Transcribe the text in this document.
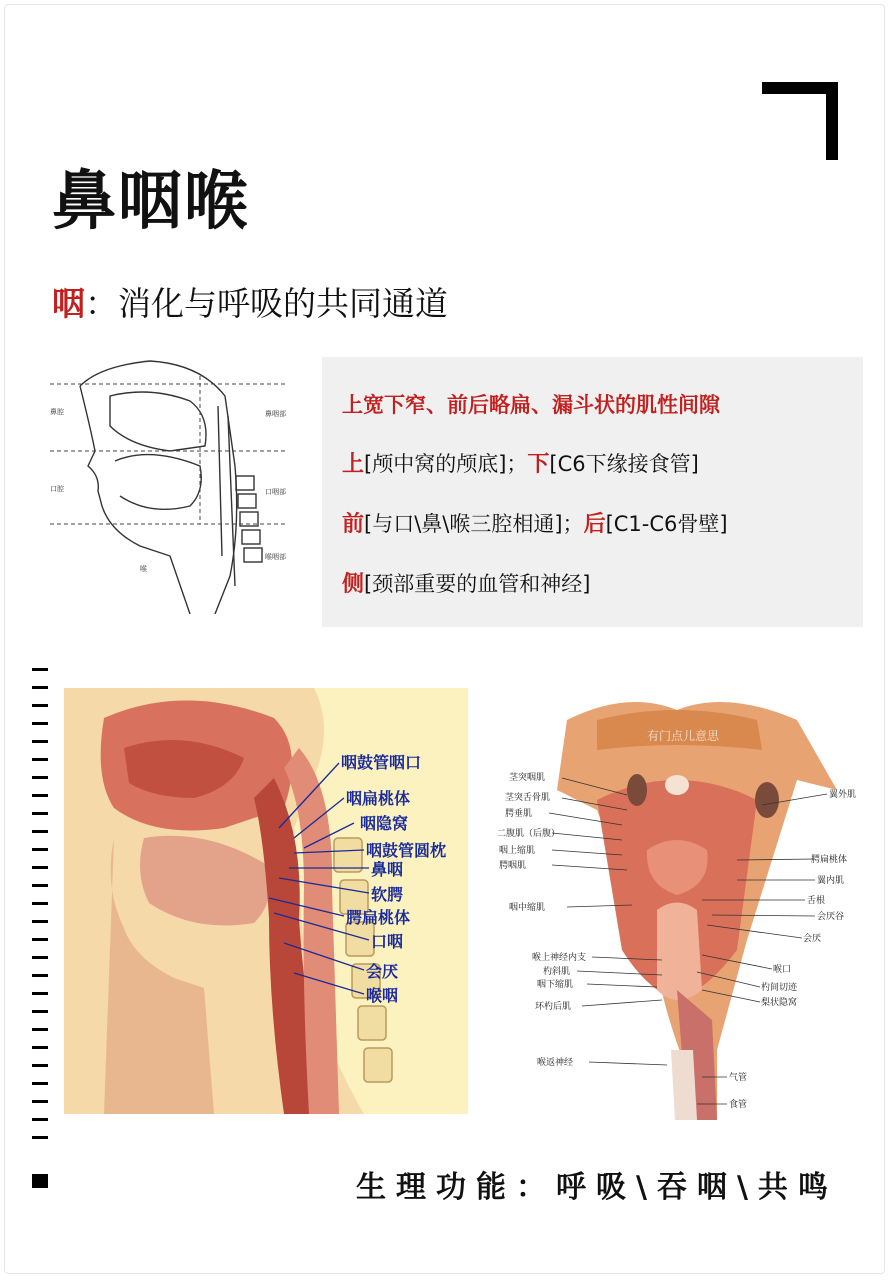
鼻咽喉
咽：消化与呼吸的共同通道
鼻腔
口腔
喉
鼻咽部
口咽部
喉咽部
上宽下窄、前后略扁、漏斗状的肌性间隙
上[颅中窝的颅底]；下[C6下缘接食管]
前[与口\鼻\喉三腔相通]；后[C1-C6骨壁]
侧[颈部重要的血管和神经]
咽鼓管咽口
咽扁桃体
咽隐窝
咽鼓管圆枕
鼻咽
软腭
腭扁桃体
口咽
会厌
喉咽
茎突咽肌
茎突舌骨肌
腭垂肌
二腹肌（后腹）
咽上缩肌
腭咽肌
咽中缩肌
喉上神经内支
杓斜肌
咽下缩肌
环杓后肌
喉返神经
翼外肌
腭扁桃体
翼内肌
舌根
会厌谷
会厌
喉口
杓间切迹
梨状隐窝
气管
食管
有门点儿意思
生理功能：呼吸\吞咽\共鸣
